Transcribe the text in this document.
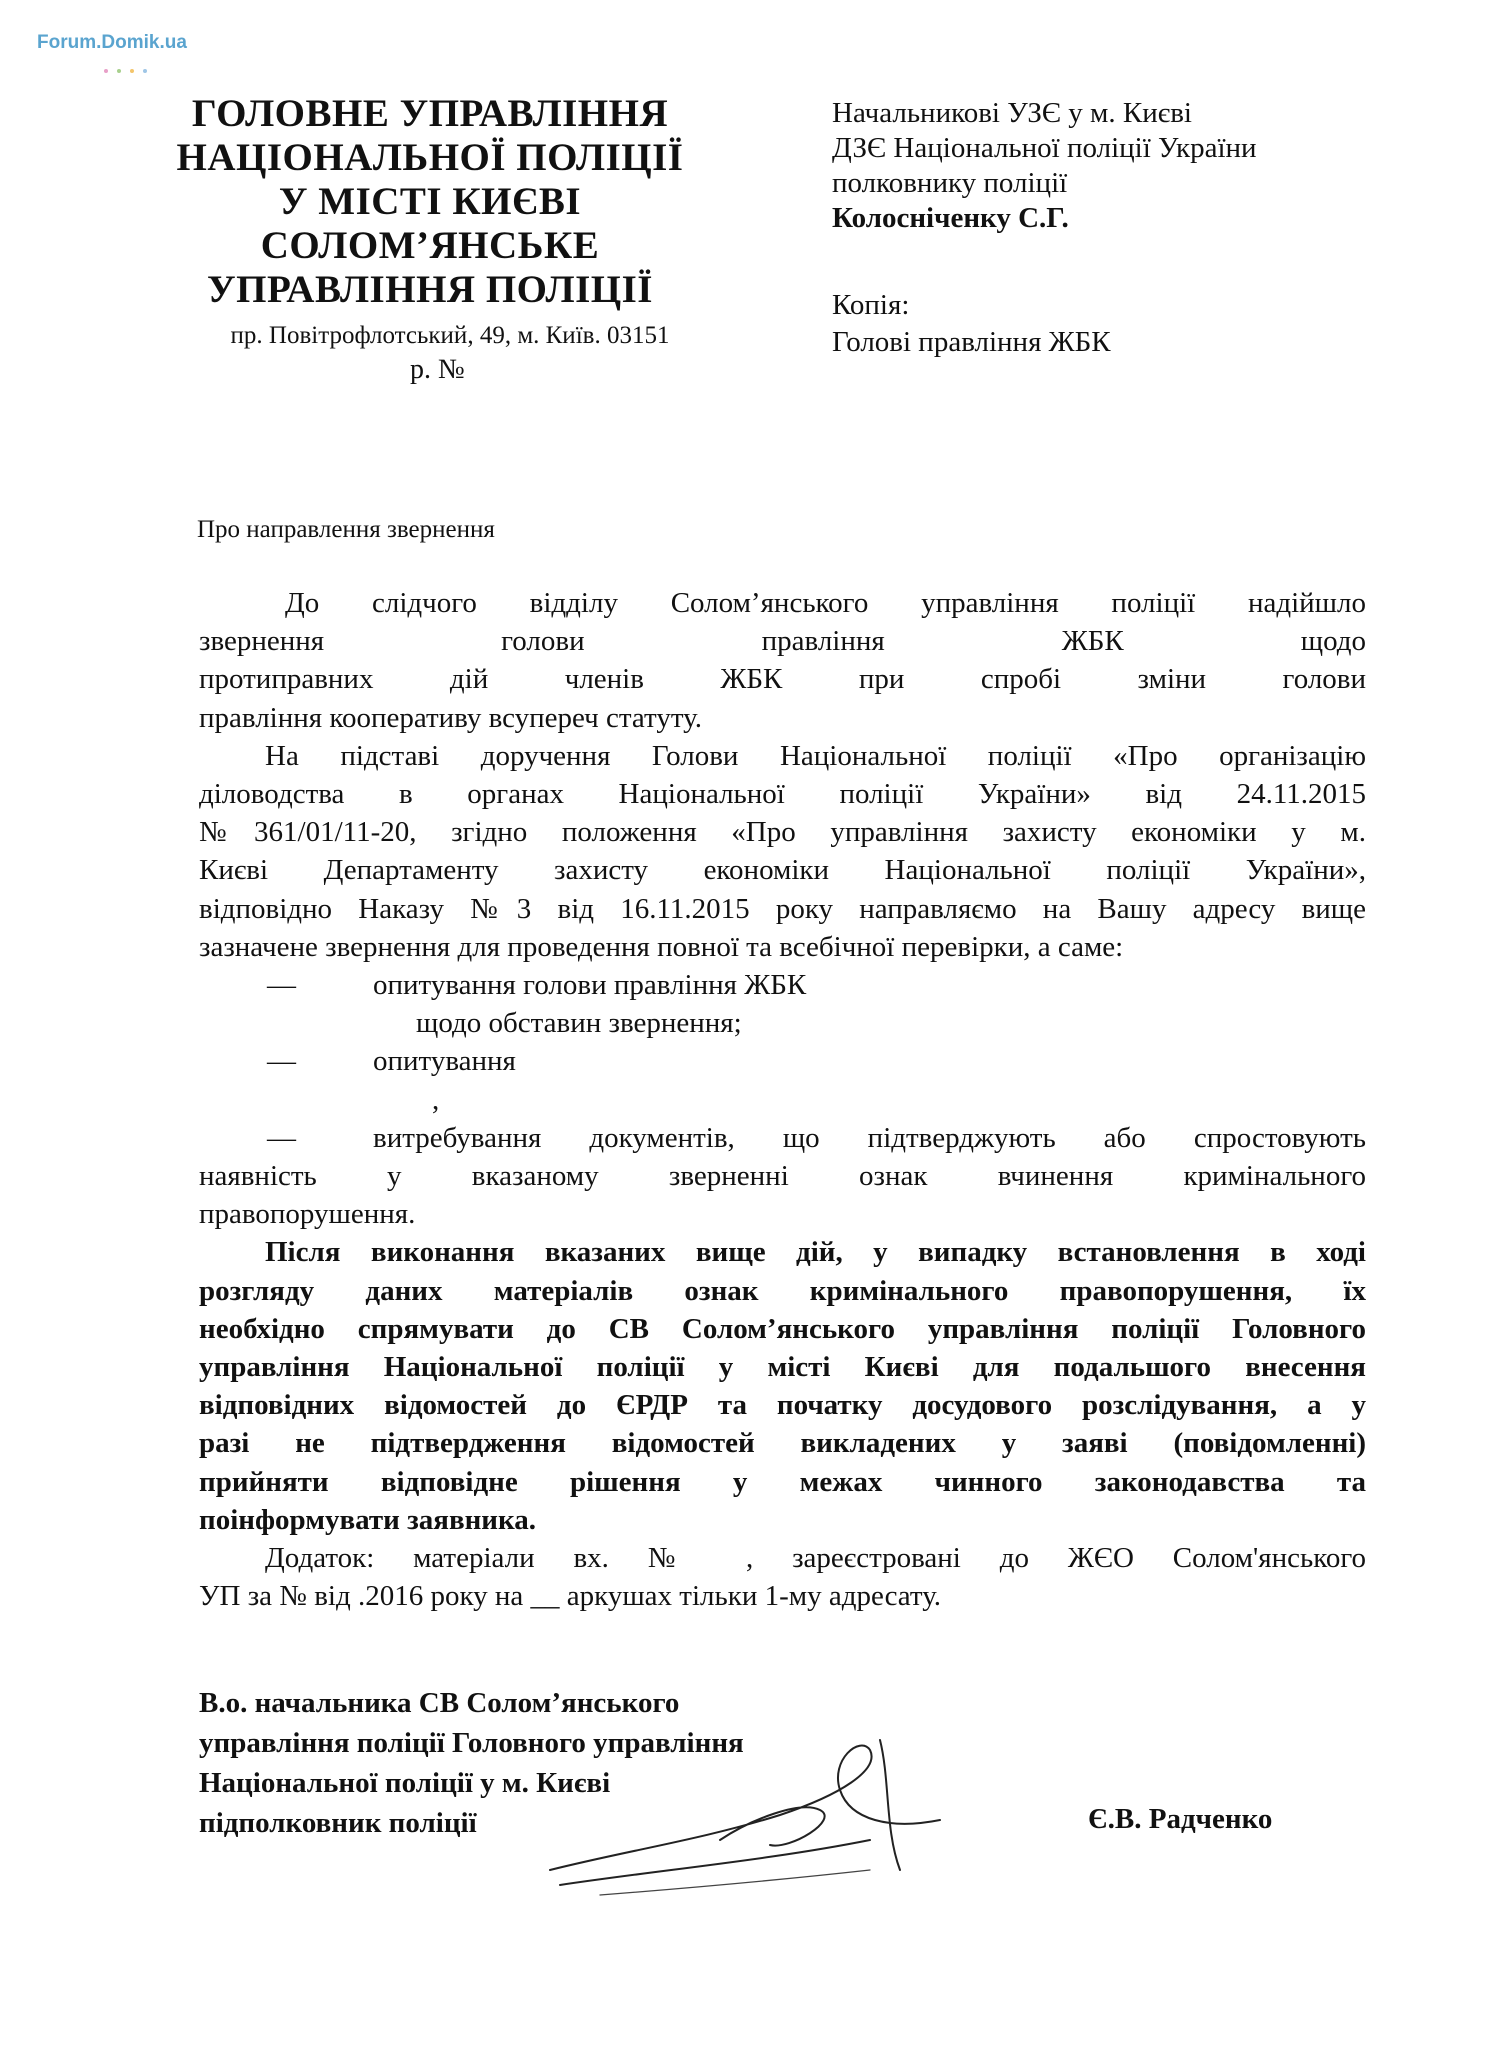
Forum.Domik.ua
ГОЛОВНЕ УПРАВЛІННЯ
НАЦІОНАЛЬНОЇ ПОЛІЦІЇ
У МІСТІ КИЄВІ
СОЛОМ’ЯНСЬКЕ
УПРАВЛІННЯ ПОЛІЦІЇ
пр. Повітрофлотський, 49, м. Київ. 03151
р. №
Начальникові УЗЄ у м. Києві
ДЗЄ Національної поліції України
полковнику поліції
Колосніченку С.Г.
Копія:
Голові правління ЖБК
Про направлення звернення

До слідчого відділу Солом’янського управління поліції надійшло

звернення голови правління ЖБК щодо

протиправних дій членів ЖБК при спробі зміни голови

правління кооперативу всупереч статуту.

На підставі доручення Голови Національної поліції «Про організацію

діловодства в органах Національної поліції України» від 24.11.2015

№361/01/11-20, згідно положення «Про управління захисту економіки у м.

Києві Департаменту захисту економіки Національної поліції України»,

відповідно Наказу №3 від 16.11.2015 року направляємо на Вашу адресу вище

зазначене звернення для проведення повної та всебічної перевірки, а саме:

—	опитування голови правління ЖБК

щодо обставин звернення;

—	опитування

,

—	витребування документів, що підтверджують або спростовують

наявність у вказаному зверненні ознак вчинення кримінального

правопорушення.

Після виконання вказаних вище дій, у випадку встановлення в ході

розгляду даних матеріалів ознак кримінального правопорушення, їх

необхідно спрямувати до СВ Солом’янського управління поліції Головного

управління Національної поліції у місті Києві для подальшого внесення

відповідних відомостей до ЄРДР та початку досудового розслідування, а у

разі не підтвердження відомостей викладених у заяві (повідомленні)

прийняти відповідне рішення у межах чинного законодавства та

поінформувати заявника.

Додаток: матеріали вх. № , зареєстровані до ЖЄО Солом'янського

УП за № від .2016 року на __ аркушах тільки 1-му адресату.

В.о. начальника СВ Солом’янського
управління поліції Головного управління
Національної поліції у м. Києві
підполковник поліції	Є.В. Радченко
